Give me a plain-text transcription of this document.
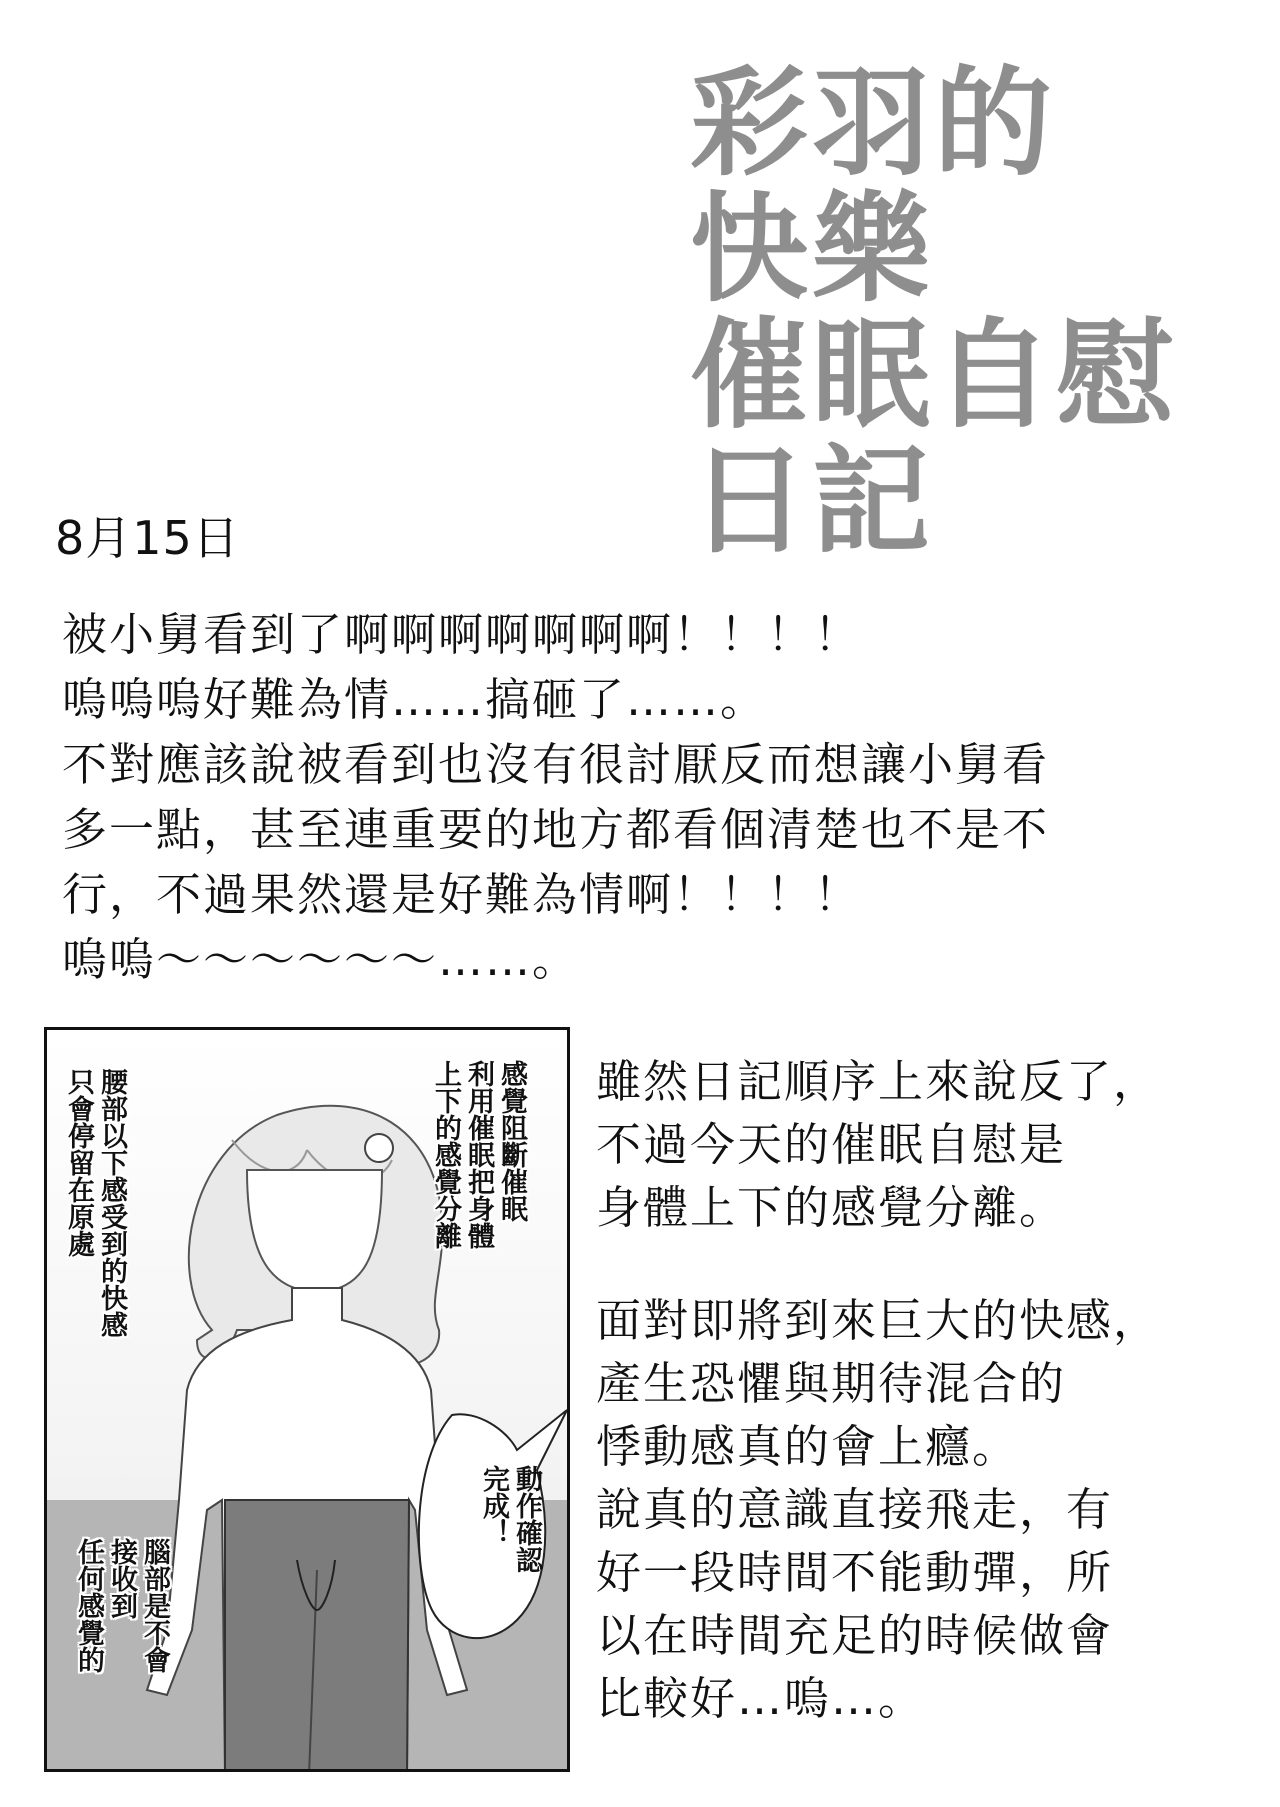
彩羽的
快樂
催眠自慰
日記
8月15日
被小舅看到了啊啊啊啊啊啊啊！！！！
嗚嗚嗚好難為情……搞砸了……。
不對應該說被看到也沒有很討厭反而想讓小舅看
多一點，甚至連重要的地方都看個清楚也不是不
行，不過果然還是好難為情啊！！！！
嗚嗚～～～～～～……。
腰部以下感受到的快感
只會停留在原處	感覺阻斷催眠
利用催眠把身體
上下的感覺分離
動作確認
完成！
腦部是不會
接收到
任何感覺的
雖然日記順序上來說反了，
不過今天的催眠自慰是
身體上下的感覺分離。
面對即將到來巨大的快感，
產生恐懼與期待混合的
悸動感真的會上癮。
說真的意識直接飛走，有
好一段時間不能動彈，所
以在時間充足的時候做會
比較好…嗚…。
